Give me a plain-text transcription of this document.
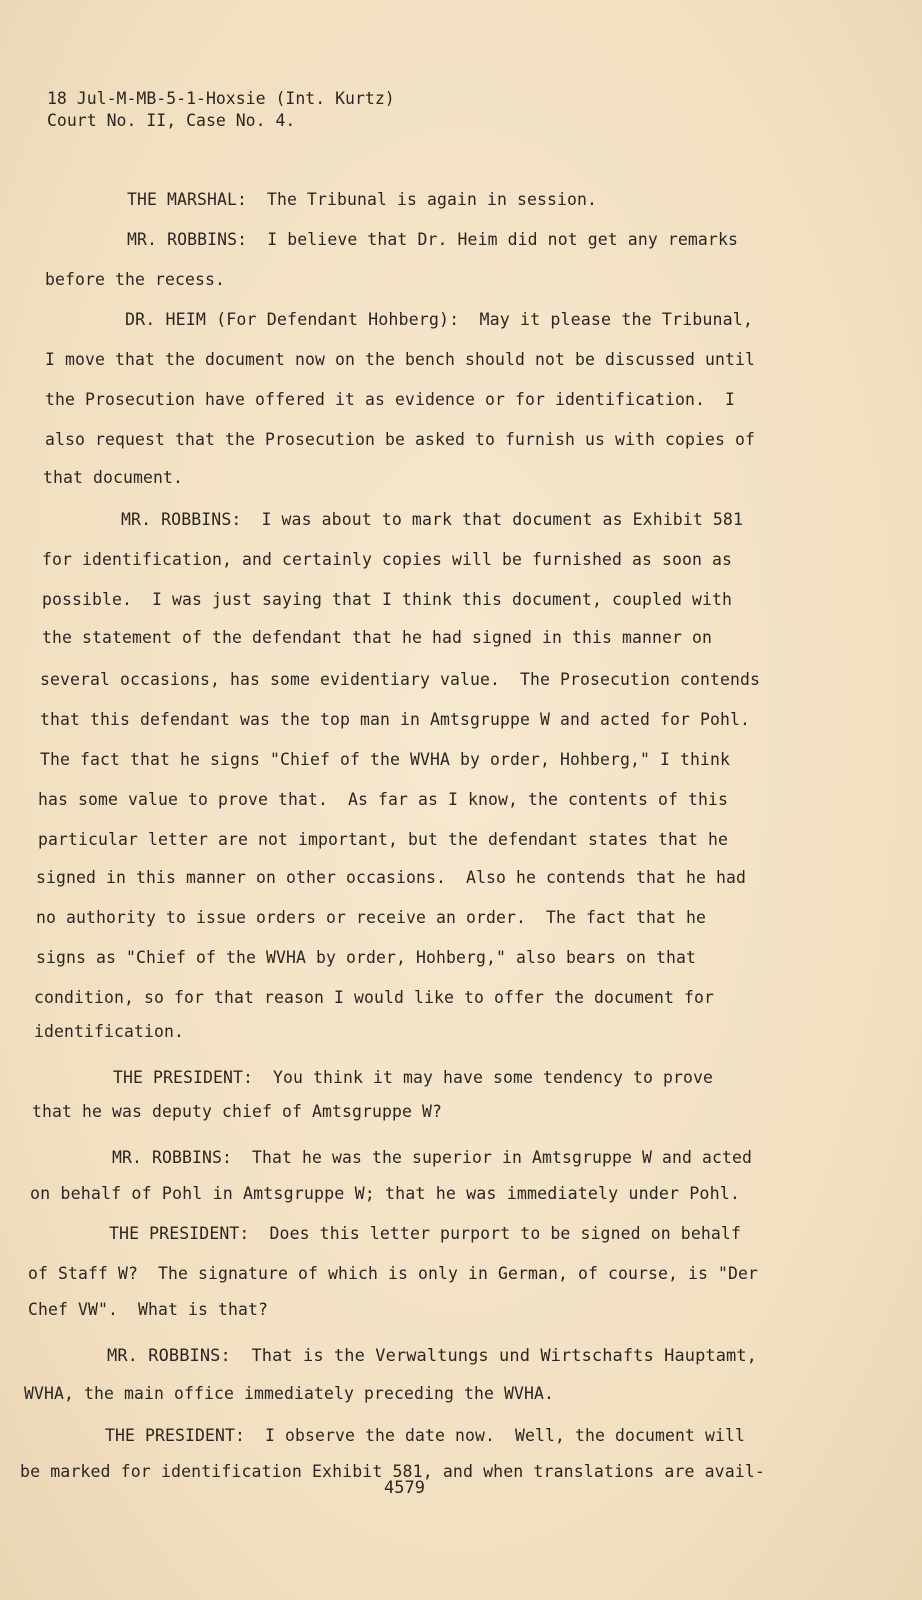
18 Jul-M-MB-5-1-Hoxsie (Int. Kurtz)
Court No. II, Case No. 4.
THE MARSHAL:  The Tribunal is again in session.
MR. ROBBINS:  I believe that Dr. Heim did not get any remarks
before the recess.
DR. HEIM (For Defendant Hohberg):  May it please the Tribunal,
I move that the document now on the bench should not be discussed until
the Prosecution have offered it as evidence or for identification.  I
also request that the Prosecution be asked to furnish us with copies of
that document.
MR. ROBBINS:  I was about to mark that document as Exhibit 581
for identification, and certainly copies will be furnished as soon as
possible.  I was just saying that I think this document, coupled with
the statement of the defendant that he had signed in this manner on
several occasions, has some evidentiary value.  The Prosecution contends
that this defendant was the top man in Amtsgruppe W and acted for Pohl.
The fact that he signs "Chief of the WVHA by order, Hohberg," I think
has some value to prove that.  As far as I know, the contents of this
particular letter are not important, but the defendant states that he
signed in this manner on other occasions.  Also he contends that he had
no authority to issue orders or receive an order.  The fact that he
signs as "Chief of the WVHA by order, Hohberg," also bears on that
condition, so for that reason I would like to offer the document for
identification.
THE PRESIDENT:  You think it may have some tendency to prove
that he was deputy chief of Amtsgruppe W?
MR. ROBBINS:  That he was the superior in Amtsgruppe W and acted
on behalf of Pohl in Amtsgruppe W; that he was immediately under Pohl.
THE PRESIDENT:  Does this letter purport to be signed on behalf
of Staff W?  The signature of which is only in German, of course, is "Der
Chef VW".  What is that?
MR. ROBBINS:  That is the Verwaltungs und Wirtschafts Hauptamt,
WVHA, the main office immediately preceding the WVHA.
THE PRESIDENT:  I observe the date now.  Well, the document will
be marked for identification Exhibit 581, and when translations are avail-
4579
